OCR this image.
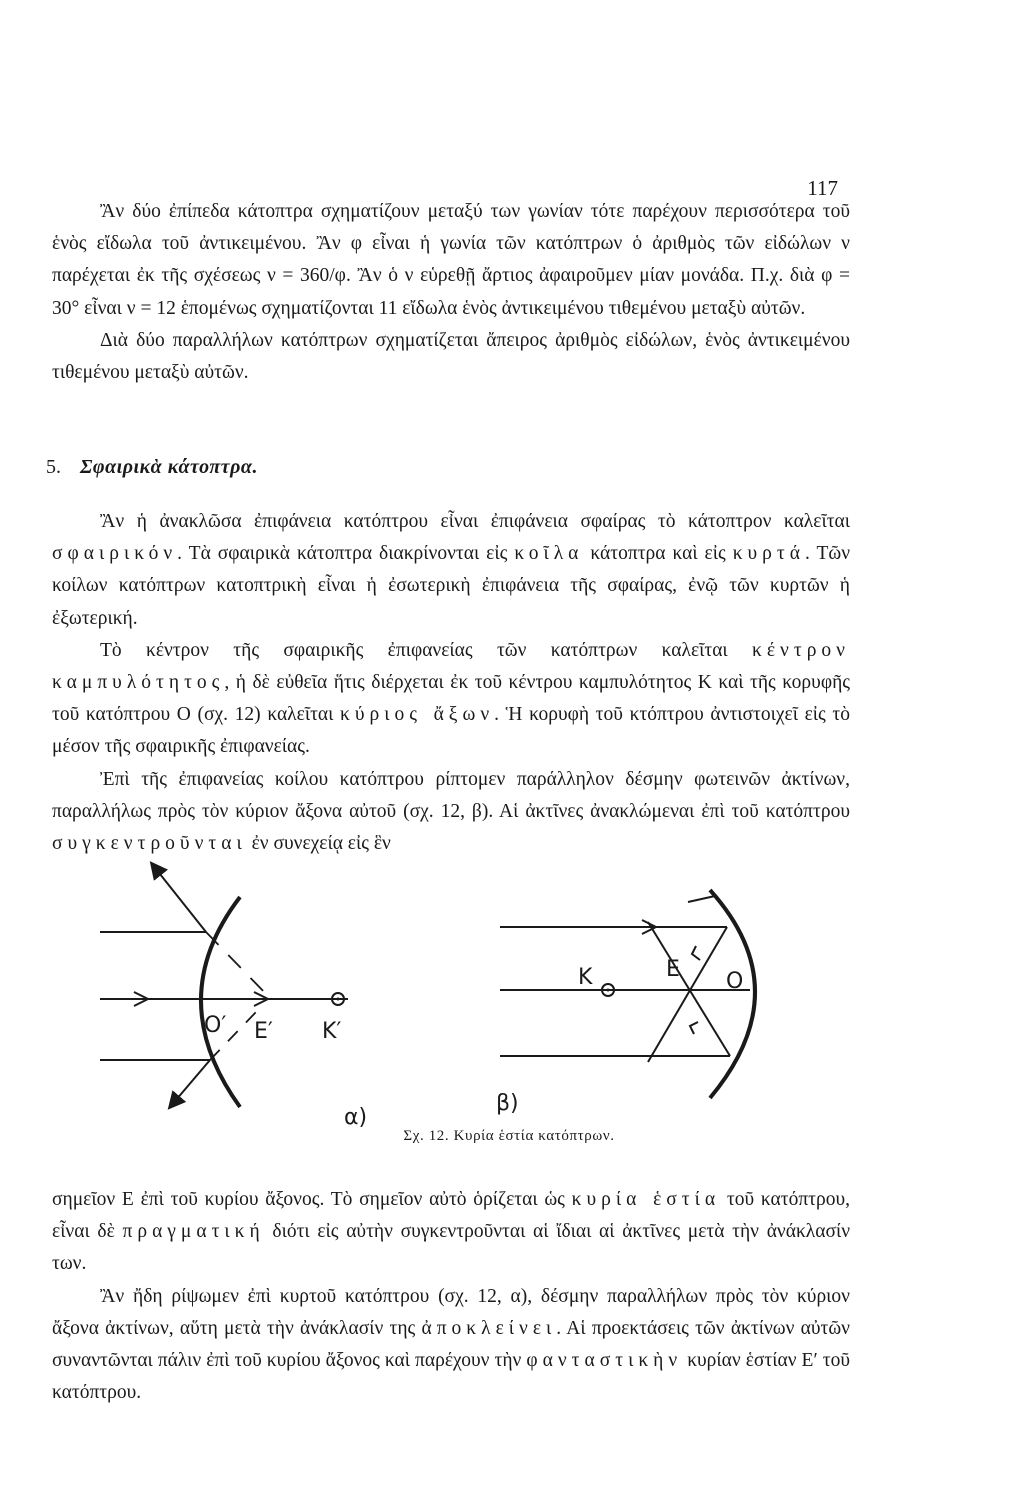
117

Ἂν δύο ἐπίπεδα κάτοπτρα σχηματίζουν μεταξύ των γωνίαν τότε παρέχουν περισσότερα τοῦ ἑνὸς εἴδωλα τοῦ ἀντικειμένου. Ἂν φ εἶναι ἡ γωνία τῶν κατόπτρων ὁ ἀριθμὸς τῶν εἰδώλων ν παρέχεται ἐκ τῆς σχέσεως ν = 360/φ. Ἂν ὁ ν εὑρεθῇ ἄρτιος ἀφαιροῦμεν μίαν μονάδα. Π.χ. διὰ φ = 30° εἶναι ν = 12 ἑπομένως σχηματίζονται 11 εἴδωλα ἑνὸς ἀντικειμένου τιθεμένου μεταξὺ αὐτῶν.

Διὰ δύο παραλλήλων κατόπτρων σχηματίζεται ἄπειρος ἀριθμὸς εἰδώλων, ἑνὸς ἀντικειμένου τιθεμένου μεταξὺ αὐτῶν.

5. Σφαιρικὰ κάτοπτρα.

Ἂν ἡ ἀνακλῶσα ἐπιφάνεια κατόπτρου εἶναι ἐπιφάνεια σφαίρας τὸ κάτοπτρον καλεῖται σφαιρικόν. Τὰ σφαιρικὰ κάτοπτρα διακρίνονται εἰς κοῖλα κάτοπτρα καὶ εἰς κυρτά. Τῶν κοίλων κατόπτρων κατοπτρικὴ εἶναι ἡ ἐσωτερικὴ ἐπιφάνεια τῆς σφαίρας, ἐνῷ τῶν κυρτῶν ἡ ἐξωτερική.

Τὸ κέντρον τῆς σφαιρικῆς ἐπιφανείας τῶν κατόπτρων καλεῖται κέντρον καμπυλότητος, ἡ δὲ εὐθεῖα ἥτις διέρχεται ἐκ τοῦ κέντρου καμπυλότητος Κ καὶ τῆς κορυφῆς τοῦ κατόπτρου Ο (σχ. 12) καλεῖται κύριος ἄξων. Ἡ κορυφὴ τοῦ κτόπτρου ἀντιστοιχεῖ εἰς τὸ μέσον τῆς σφαιρικῆς ἐπιφανείας.

Ἐπὶ τῆς ἐπιφανείας κοίλου κατόπτρου ρίπτομεν παράλληλον δέσμην φωτεινῶν ἀκτίνων, παραλλήλως πρὸς τὸν κύριον ἄξονα αὐτοῦ (σχ. 12, β). Αἱ ἀκτῖνες ἀνακλώμεναι ἐπὶ τοῦ κατόπτρου συγκεντροῦνται ἐν συνεχείᾳ εἰς ἓν

O′ E′ K′
α)
K	E O
β)
Σχ. 12. Κυρία ἑστία κατόπτρων.

σημεῖον Ε ἐπὶ τοῦ κυρίου ἄξονος. Τὸ σημεῖον αὐτὸ ὁρίζεται ὡς κυρία ἑστία τοῦ κατόπτρου, εἶναι δὲ πραγματική διότι εἰς αὐτὴν συγκεντροῦνται αἱ ἴδιαι αἱ ἀκτῖνες μετὰ τὴν ἀνάκλασίν των.

Ἂν ἤδη ρίψωμεν ἐπὶ κυρτοῦ κατόπτρου (σχ. 12, α), δέσμην παραλλήλων πρὸς τὸν κύριον ἄξονα ἀκτίνων, αὕτη μετὰ τὴν ἀνάκλασίν της ἀποκλείνει. Αἱ προεκτάσεις τῶν ἀκτίνων αὐτῶν συναντῶνται πάλιν ἐπὶ τοῦ κυρίου ἄξονος καὶ παρέχουν τὴν φανταστικὴν κυρίαν ἑστίαν Ε′ τοῦ κατόπτρου.
